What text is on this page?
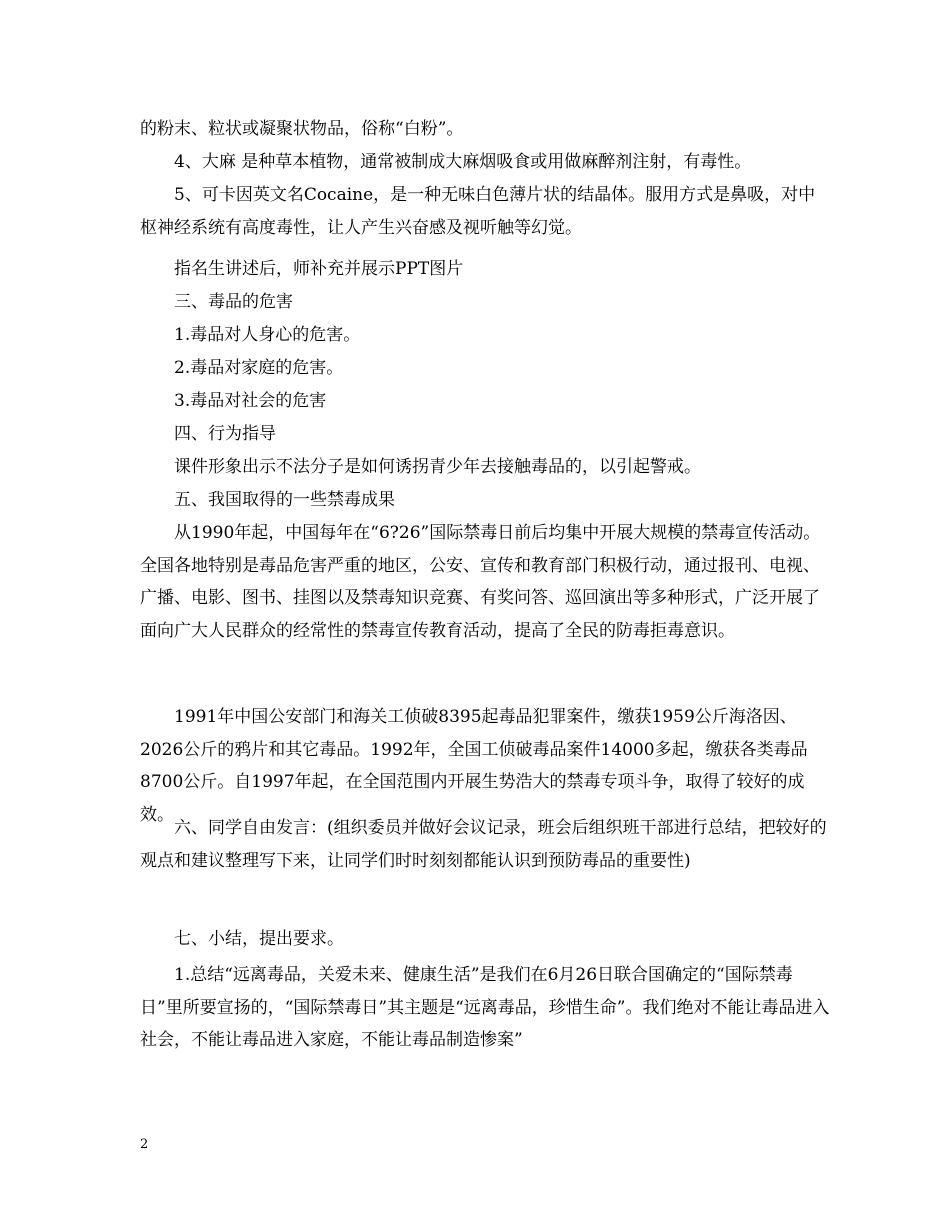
的粉末、粒状或凝聚状物品，俗称“白粉”。

4、大麻 是种草本植物，通常被制成大麻烟吸食或用做麻醉剂注射，有毒性。

5、可卡因英文名Cocaine，是一种无味白色薄片状的结晶体。服用方式是鼻吸，对中枢神经系统有高度毒性，让人产生兴奋感及视听触等幻觉。

指名生讲述后，师补充并展示PPT图片

三、毒品的危害

1.毒品对人身心的危害。

2.毒品对家庭的危害。

3.毒品对社会的危害

四、行为指导

课件形象出示不法分子是如何诱拐青少年去接触毒品的，以引起警戒。

五、我国取得的一些禁毒成果

从1990年起，中国每年在“6?26”国际禁毒日前后均集中开展大规模的禁毒宣传活动。全国各地特别是毒品危害严重的地区，公安、宣传和教育部门积极行动，通过报刊、电视、广播、电影、图书、挂图以及禁毒知识竞赛、有奖问答、巡回演出等多种形式，广泛开展了面向广大人民群众的经常性的禁毒宣传教育活动，提高了全民的防毒拒毒意识。

1991年中国公安部门和海关工侦破8395起毒品犯罪案件，缴获1959公斤海洛因、2026公斤的鸦片和其它毒品。1992年，全国工侦破毒品案件14000多起，缴获各类毒品8700公斤。自1997年起，在全国范围内开展生势浩大的禁毒专项斗争，取得了较好的成效。

六、同学自由发言：(组织委员并做好会议记录，班会后组织班干部进行总结，把较好的观点和建议整理写下来，让同学们时时刻刻都能认识到预防毒品的重要性)

七、小结，提出要求。

1.总结“远离毒品，关爱未来、健康生活”是我们在6月26日联合国确定的“国际禁毒日”里所要宣扬的，“国际禁毒日”其主题是“远离毒品，珍惜生命”。我们绝对不能让毒品进入社会，不能让毒品进入家庭，不能让毒品制造惨案”

2
